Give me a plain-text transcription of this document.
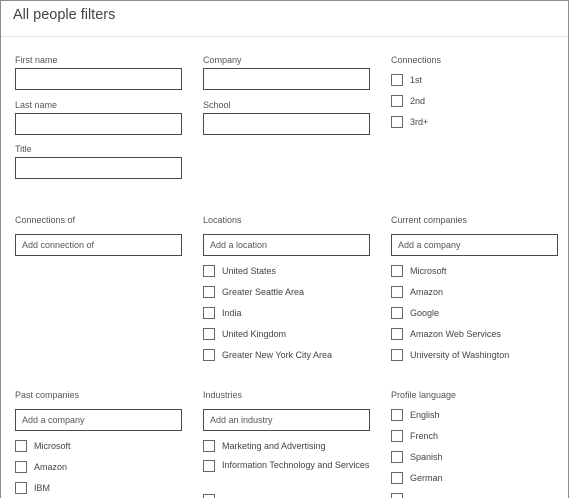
All people filters
First name
Last name
Title
Company
School
Connections
1st
2nd
3rd+
Connections of
Add connection of	Locations
Add a location
United States
Greater Seattle Area
India
United Kingdom
Greater New York City Area
Current companies
Add a company
Microsoft
Amazon
Google
Amazon Web Services
University of Washington
Past companies
Add a company
Microsoft
Amazon
IBM
Industries
Add an industry
Marketing and Advertising
Information Technology and Services
Profile language
English
French
Spanish
German
